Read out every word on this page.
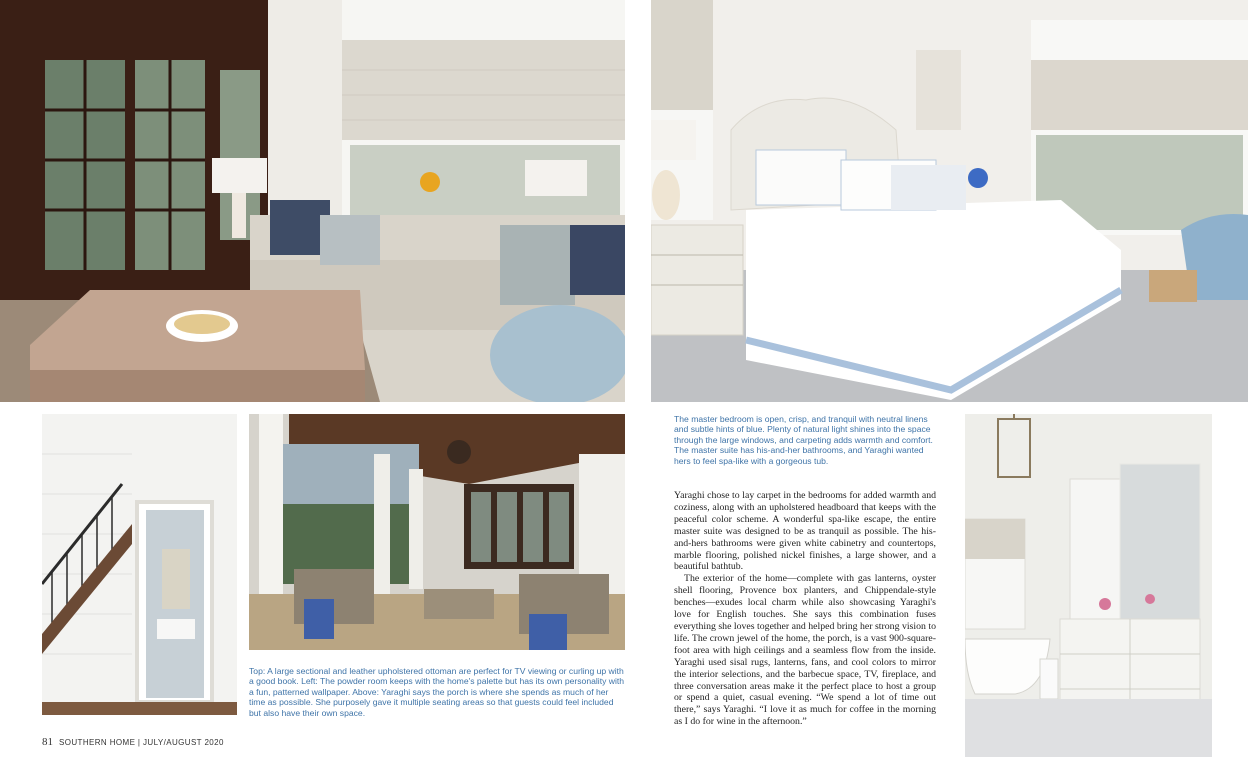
The master bedroom is open, crisp, and tranquil with neutral linens and subtle hints of blue. Plenty of natural light shines into the space through the large windows, and carpeting adds warmth and comfort. The master suite has his-and-her bathrooms, and Yaraghi wanted hers to feel spa-like with a gorgeous tub.
Top: A large sectional and leather upholstered ottoman are perfect for TV viewing or curling up with a good book. Left: The powder room keeps with the home's palette but has its own personality with a fun, patterned wallpaper. Above: Yaraghi says the porch is where she spends as much of her time as possible. She purposely gave it multiple seating areas so that guests could feel included but also have their own space.

Yaraghi chose to lay carpet in the bedrooms for added warmth and coziness, along with an upholstered headboard that keeps with the peaceful color scheme. A wonderful spa-like escape, the entire master suite was designed to be as tranquil as possible. The his-and-hers bathrooms were given white cabinetry and countertops, marble flooring, polished nickel finishes, a large shower, and a beautiful bathtub.

The exterior of the home—complete with gas lanterns, oyster shell flooring, Provence box planters, and Chippendale-style benches—exudes local charm while also showcasing Yaraghi's love for English touches. She says this combination fuses everything she loves together and helped bring her strong vision to life. The crown jewel of the home, the porch, is a vast 900-square-foot area with high ceilings and a seamless flow from the inside. Yaraghi used sisal rugs, lanterns, fans, and cool colors to mirror the interior selections, and the barbecue space, TV, fireplace, and three conversation areas make it the perfect place to host a group or spend a quiet, casual evening. “We spend a lot of time out there,” says Yaraghi. “I love it as much for coffee in the morning as I do for wine in the afternoon.”

81 SOUTHERN HOME | JULY/AUGUST 2020
